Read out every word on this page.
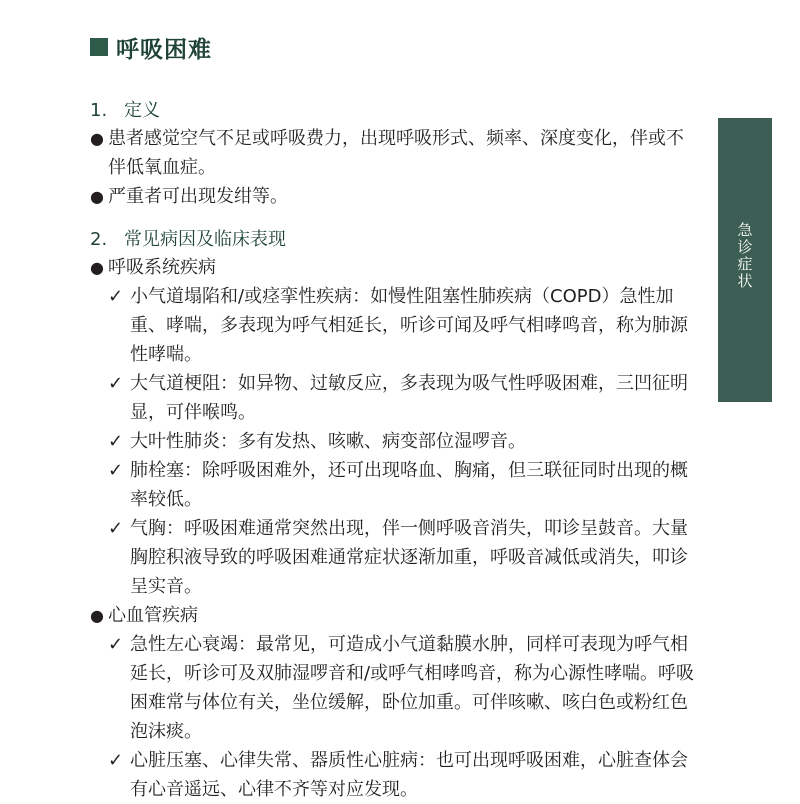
呼吸困难
急诊症状
1. 定义
● 患者感觉空气不足或呼吸费力，出现呼吸形式、频率、深度变化，伴或不伴低氧血症。
● 严重者可出现发绀等。
2. 常见病因及临床表现
● 呼吸系统疾病
✓ 小气道塌陷和/或痉挛性疾病：如慢性阻塞性肺疾病（COPD）急性加重、哮喘，多表现为呼气相延长，听诊可闻及呼气相哮鸣音，称为肺源性哮喘。
✓ 大气道梗阻：如异物、过敏反应，多表现为吸气性呼吸困难，三凹征明显，可伴喉鸣。
✓ 大叶性肺炎：多有发热、咳嗽、病变部位湿啰音。
✓ 肺栓塞：除呼吸困难外，还可出现咯血、胸痛，但三联征同时出现的概率较低。
✓ 气胸：呼吸困难通常突然出现，伴一侧呼吸音消失，叩诊呈鼓音。大量胸腔积液导致的呼吸困难通常症状逐渐加重，呼吸音减低或消失，叩诊呈实音。
● 心血管疾病
✓ 急性左心衰竭：最常见，可造成小气道黏膜水肿，同样可表现为呼气相延长，听诊可及双肺湿啰音和/或呼气相哮鸣音，称为心源性哮喘。呼吸困难常与体位有关，坐位缓解，卧位加重。可伴咳嗽、咳白色或粉红色泡沫痰。
✓ 心脏压塞、心律失常、器质性心脏病：也可出现呼吸困难，心脏查体会有心音遥远、心律不齐等对应发现。
